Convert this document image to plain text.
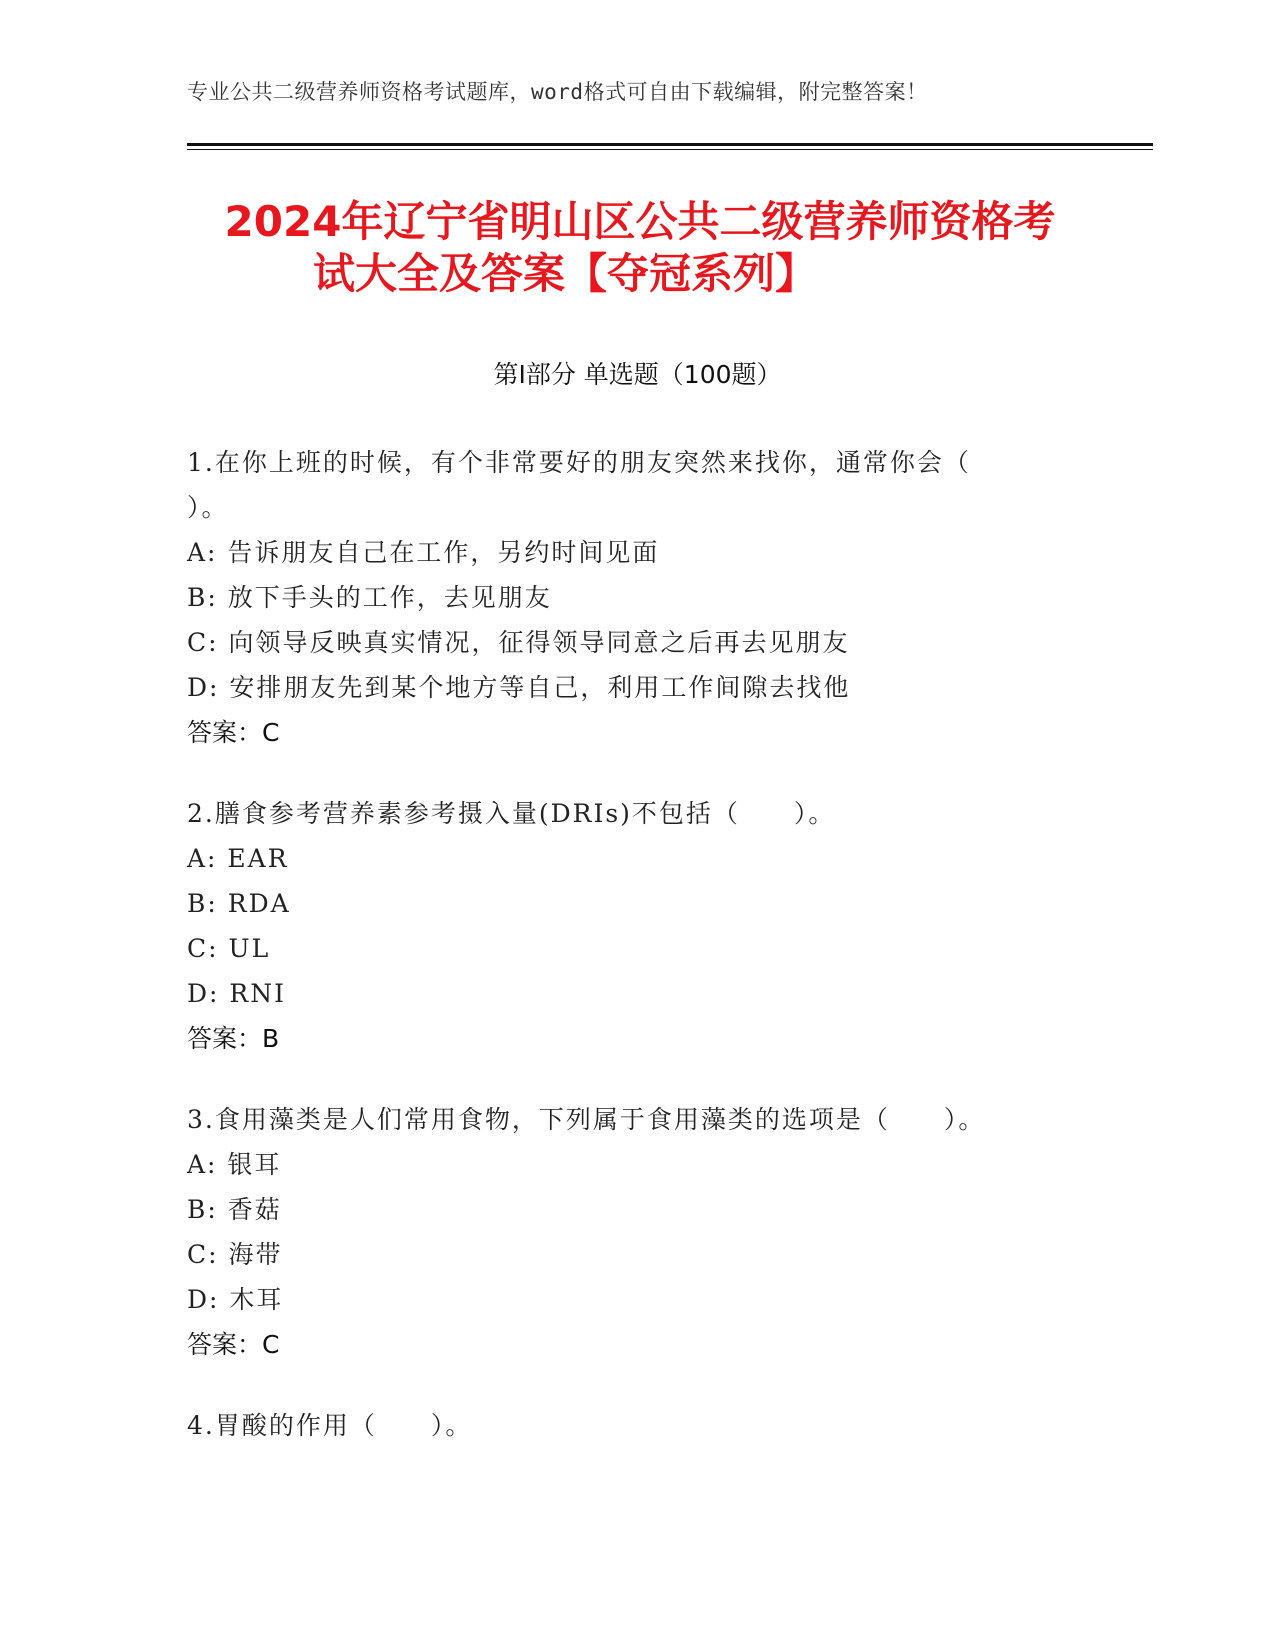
专业公共二级营养师资格考试题库，word格式可自由下载编辑，附完整答案！
2024年辽宁省明山区公共二级营养师资格考
试大全及答案【夺冠系列】
第Ⅰ部分 单选题（100题）
1.在你上班的时候，有个非常要好的朋友突然来找你，通常你会（
）。
A: 告诉朋友自己在工作，另约时间见面
B: 放下手头的工作，去见朋友
C: 向领导反映真实情况，征得领导同意之后再去见朋友
D: 安排朋友先到某个地方等自己，利用工作间隙去找他
答案：C
2.膳食参考营养素参考摄入量(DRIs)不包括（　　）。
A: EAR
B: RDA
C: UL
D: RNI
答案：B
3.食用藻类是人们常用食物，下列属于食用藻类的选项是（　　）。
A: 银耳
B: 香菇
C: 海带
D: 木耳
答案：C
4.胃酸的作用（　　）。
